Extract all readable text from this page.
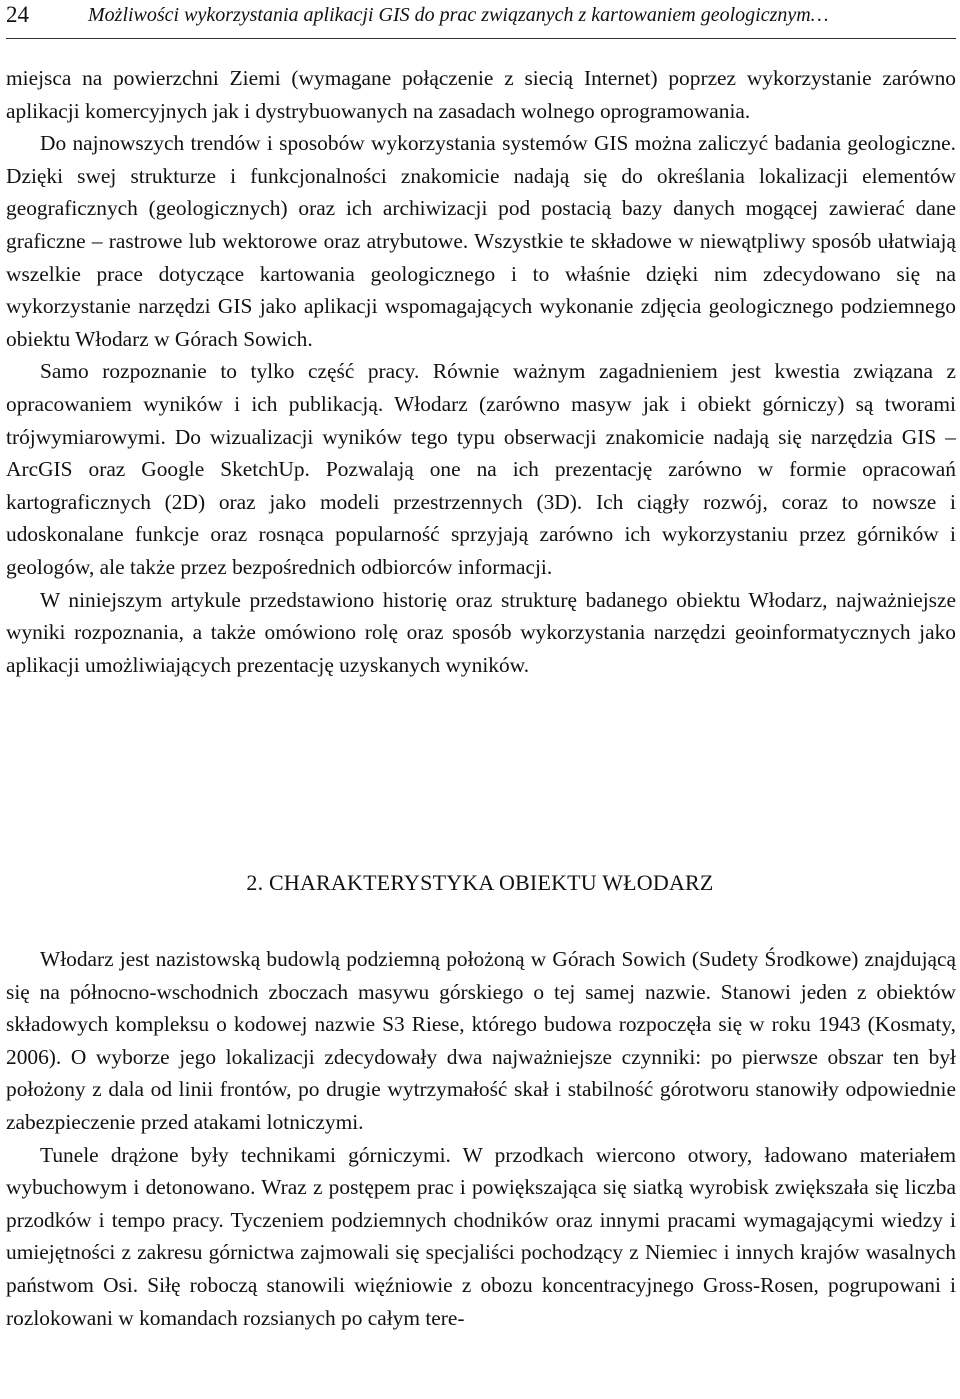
24	Możliwości wykorzystania aplikacji GIS do prac związanych z kartowaniem geologicznym…

miejsca na powierzchni Ziemi (wymagane połączenie z siecią Internet) poprzez wykorzystanie zarówno aplikacji komercyjnych jak i dystrybuowanych na zasadach wolnego oprogramowania.

Do najnowszych trendów i sposobów wykorzystania systemów GIS można zaliczyć badania geologiczne. Dzięki swej strukturze i funkcjonalności znakomicie nadają się do określania lokalizacji elementów geograficznych (geologicznych) oraz ich archiwizacji pod postacią bazy danych mogącej zawierać dane graficzne – rastrowe lub wektorowe oraz atrybutowe. Wszystkie te składowe w niewątpliwy sposób ułatwiają wszelkie prace dotyczące kartowania geologicznego i to właśnie dzięki nim zdecydowano się na wykorzystanie narzędzi GIS jako aplikacji wspomagających wykonanie zdjęcia geologicznego podziemnego obiektu Włodarz w Górach Sowich.

Samo rozpoznanie to tylko część pracy. Równie ważnym zagadnieniem jest kwestia związana z opracowaniem wyników i ich publikacją. Włodarz (zarówno masyw jak i obiekt górniczy) są tworami trójwymiarowymi. Do wizualizacji wyników tego typu obserwacji znakomicie nadają się narzędzia GIS – ArcGIS oraz Google SketchUp. Pozwalają one na ich prezentację zarówno w formie opracowań kartograficznych (2D) oraz jako modeli przestrzennych (3D). Ich ciągły rozwój, coraz to nowsze i udoskonalane funkcje oraz rosnąca popularność sprzyjają zarówno ich wykorzystaniu przez górników i geologów, ale także przez bezpośrednich odbiorców informacji.

W niniejszym artykule przedstawiono historię oraz strukturę badanego obiektu Włodarz, najważniejsze wyniki rozpoznania, a także omówiono rolę oraz sposób wykorzystania narzędzi geoinformatycznych jako aplikacji umożliwiających prezentację uzyskanych wyników.

2. CHARAKTERYSTYKA OBIEKTU WŁODARZ

Włodarz jest nazistowską budowlą podziemną położoną w Górach Sowich (Sudety Środkowe) znajdującą się na północno-wschodnich zboczach masywu górskiego o tej samej nazwie. Stanowi jeden z obiektów składowych kompleksu o kodowej nazwie S3 Riese, którego budowa rozpoczęła się w roku 1943 (Kosmaty, 2006). O wyborze jego lokalizacji zdecydowały dwa najważniejsze czynniki: po pierwsze obszar ten był położony z dala od linii frontów, po drugie wytrzymałość skał i stabilność górotworu stanowiły odpowiednie zabezpieczenie przed atakami lotniczymi.

Tunele drążone były technikami górniczymi. W przodkach wiercono otwory, ładowano materiałem wybuchowym i detonowano. Wraz z postępem prac i powiększająca się siatką wyrobisk zwiększała się liczba przodków i tempo pracy. Tyczeniem podziemnych chodników oraz innymi pracami wymagającymi wiedzy i umiejętności z zakresu górnictwa zajmowali się specjaliści pochodzący z Niemiec i innych krajów wasalnych państwom Osi. Siłę roboczą stanowili więźniowie z obozu koncentracyjnego Gross-Rosen, pogrupowani i rozlokowani w komandach rozsianych po całym tere-
